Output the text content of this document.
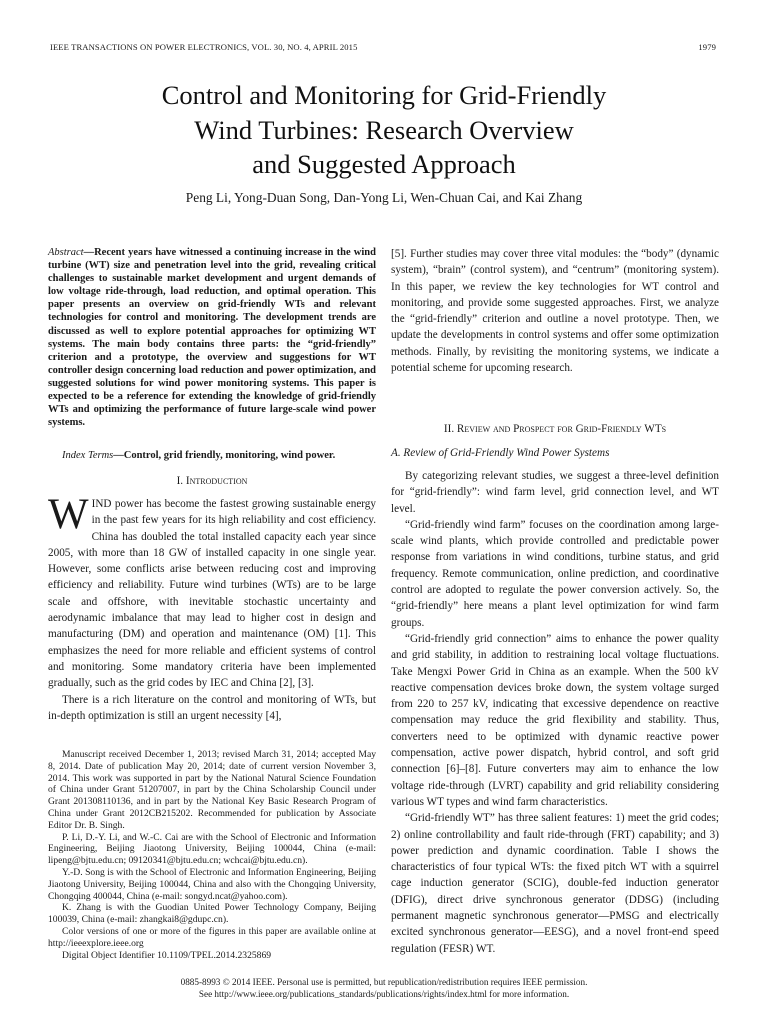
IEEE TRANSACTIONS ON POWER ELECTRONICS, VOL. 30, NO. 4, APRIL 2015	1979
Control and Monitoring for Grid-Friendly
Wind Turbines: Research Overview
and Suggested Approach
Peng Li, Yong-Duan Song, Dan-Yong Li, Wen-Chuan Cai, and Kai Zhang
Abstract—Recent years have witnessed a continuing increase in the wind turbine (WT) size and penetration level into the grid, revealing critical challenges to sustainable market development and urgent demands of low voltage ride-through, load reduction, and optimal operation. This paper presents an overview on grid-friendly WTs and relevant technologies for control and monitoring. The development trends are discussed as well to explore potential approaches for optimizing WT systems. The main body contains three parts: the “grid-friendly” criterion and a prototype, the overview and suggestions for WT controller design concerning load reduction and power optimization, and suggested solutions for wind power monitoring systems. This paper is expected to be a reference for extending the knowledge of grid-friendly WTs and optimizing the performance of future large-scale wind power systems.
Index Terms—Control, grid friendly, monitoring, wind power.
I. Introduction

WIND power has become the fastest growing sustainable energy in the past few years for its high reliability and cost efficiency. China has doubled the total installed capacity each year since 2005, with more than 18 GW of installed capacity in one single year. However, some conflicts arise between reducing cost and improving efficiency and reliability. Future wind turbines (WTs) are to be large scale and offshore, with inevitable stochastic uncertainty and aerodynamic imbalance that may lead to higher cost in design and manufacturing (DM) and operation and maintenance (OM) [1]. This emphasizes the need for more reliable and efficient systems of control and monitoring. Some mandatory criteria have been implemented gradually, such as the grid codes by IEC and China [2], [3].

There is a rich literature on the control and monitoring of WTs, but in-depth optimization is still an urgent necessity [4],

Manuscript received December 1, 2013; revised March 31, 2014; accepted May 8, 2014. Date of publication May 20, 2014; date of current version November 3, 2014. This work was supported in part by the National Natural Science Foundation of China under Grant 51207007, in part by the China Scholarship Council under Grant 201308110136, and in part by the National Key Basic Research Program of China under Grant 2012CB215202. Recommended for publication by Associate Editor Dr. B. Singh.

P. Li, D.-Y. Li, and W.-C. Cai are with the School of Electronic and Information Engineering, Beijing Jiaotong University, Beijing 100044, China (e-mail: lipeng@bjtu.edu.cn; 09120341@bjtu.edu.cn; wchcai@bjtu.edu.cn).

Y.-D. Song is with the School of Electronic and Information Engineering, Beijing Jiaotong University, Beijing 100044, China and also with the Chongqing University, Chongqing 400044, China (e-mail: songyd.ncat@yahoo.com).

K. Zhang is with the Guodian United Power Technology Company, Beijing 100039, China (e-mail: zhangkai8@gdupc.cn).

Color versions of one or more of the figures in this paper are available online at http://ieeexplore.ieee.org

Digital Object Identifier 10.1109/TPEL.2014.2325869

[5]. Further studies may cover three vital modules: the “body” (dynamic system), “brain” (control system), and “centrum” (monitoring system). In this paper, we review the key technologies for WT control and monitoring, and provide some suggested approaches. First, we analyze the “grid-friendly” criterion and outline a novel prototype. Then, we update the developments in control systems and offer some optimization methods. Finally, by revisiting the monitoring systems, we indicate a potential scheme for upcoming research.
II. Review and Prospect for Grid-Friendly WTs
A. Review of Grid-Friendly Wind Power Systems

By categorizing relevant studies, we suggest a three-level definition for “grid-friendly”: wind farm level, grid connection level, and WT level.

“Grid-friendly wind farm” focuses on the coordination among large-scale wind plants, which provide controlled and predictable power response from variations in wind conditions, turbine status, and grid frequency. Remote communication, online prediction, and coordinative control are adopted to regulate the power conversion actively. So, the “grid-friendly” here means a plant level optimization for wind farm groups.

“Grid-friendly grid connection” aims to enhance the power quality and grid stability, in addition to restraining local voltage fluctuations. Take Mengxi Power Grid in China as an example. When the 500 kV reactive compensation devices broke down, the system voltage surged from 220 to 257 kV, indicating that excessive dependence on reactive compensation may reduce the grid flexibility and stability. Thus, converters need to be optimized with dynamic reactive power compensation, active power dispatch, hybrid control, and soft grid connection [6]–[8]. Future converters may aim to enhance the low voltage ride-through (LVRT) capability and grid reliability considering various WT types and wind farm characteristics.

“Grid-friendly WT” has three salient features: 1) meet the grid codes; 2) online controllability and fault ride-through (FRT) capability; and 3) power prediction and dynamic coordination. Table I shows the characteristics of four typical WTs: the fixed pitch WT with a squirrel cage induction generator (SCIG), double-fed induction generator (DFIG), direct drive synchronous generator (DDSG) (including permanent magnetic synchronous generator—PMSG and electrically excited synchronous generator—EESG), and a novel front-end speed regulation (FESR) WT.

0885-8993 © 2014 IEEE. Personal use is permitted, but republication/redistribution requires IEEE permission.
See http://www.ieee.org/publications_standards/publications/rights/index.html for more information.
